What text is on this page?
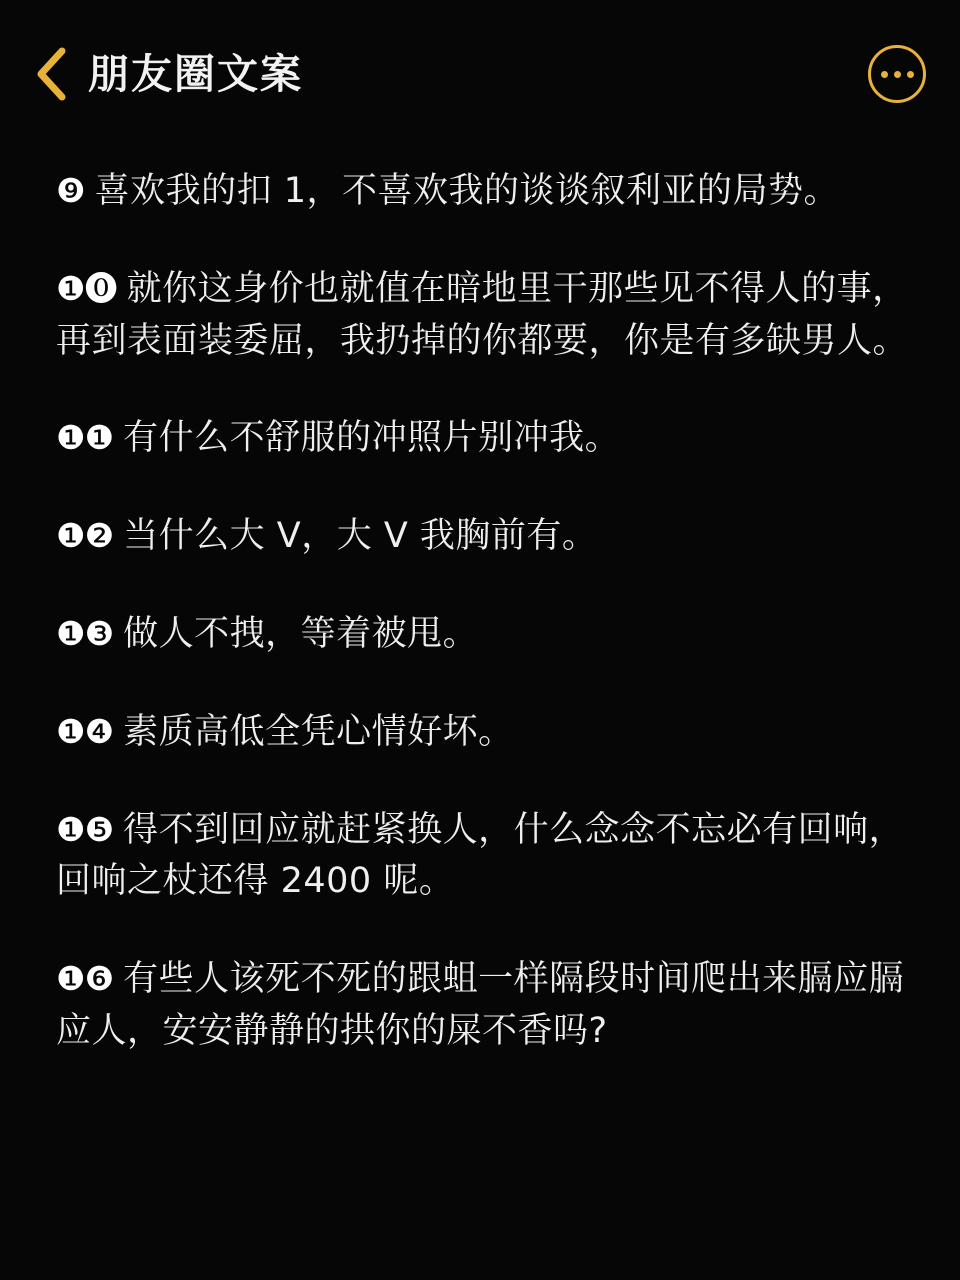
朋友圈文案

❾ 喜欢我的扣 1，不喜欢我的谈谈叙利亚的局势。

❶⓿ 就你这身价也就值在暗地里干那些见不得人的事，再到表面装委屈，我扔掉的你都要，你是有多缺男人。

❶❶ 有什么不舒服的冲照片别冲我。

❶❷ 当什么大 V，大 V 我胸前有。

❶❸ 做人不拽，等着被甩。

❶❹ 素质高低全凭心情好坏。

❶❺ 得不到回应就赶紧换人，什么念念不忘必有回响，回响之杖还得 2400 呢。

❶❻ 有些人该死不死的跟蛆一样隔段时间爬出来膈应膈应人，安安静静的拱你的屎不香吗?
